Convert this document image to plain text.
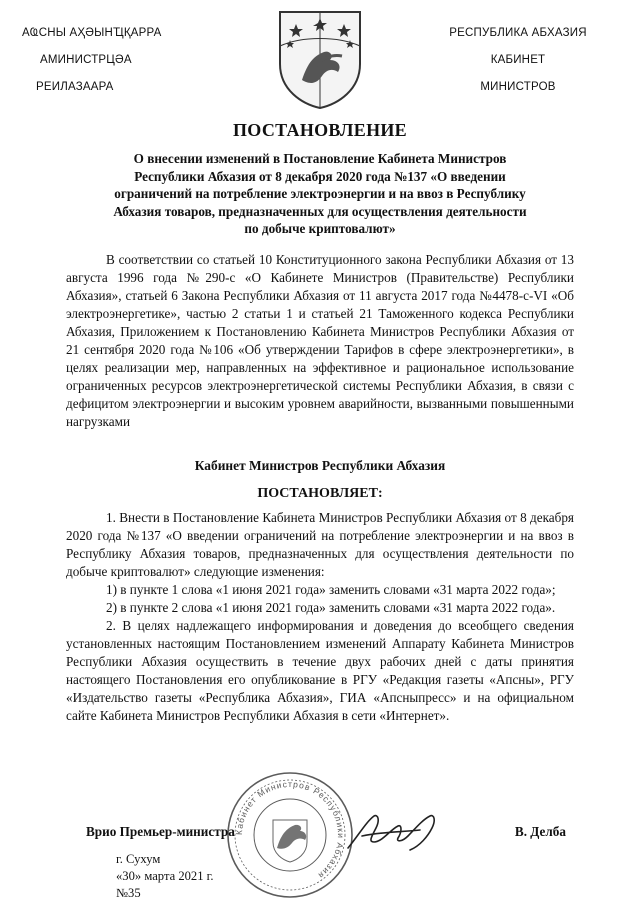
АҨСНЫ АҲӘЫНҴҚАРРА
АМИНИСТРЦӘА
РЕИЛАЗААРА
РЕСПУБЛИКА АБХАЗИЯ
КАБИНЕТ
МИНИСТРОВ
ПОСТАНОВЛЕНИЕ
О внесении изменений в Постановление Кабинета Министров
Республики Абхазия от 8 декабря 2020 года №137 «О введении
ограничений на потребление электроэнергии и на ввоз в Республику
Абхазия товаров, предназначенных для осуществления деятельности
по добыче криптовалют»

В соответствии со статьей 10 Конституционного закона Республики Абхазия от 13 августа 1996 года №290-с «О Кабинете Министров (Правительстве) Республики Абхазия», статьей 6 Закона Республики Абхазия от 11 августа 2017 года №4478-с-VI «Об электроэнергетике», частью 2 статьи 1 и статьей 21 Таможенного кодекса Республики Абхазия, Приложением к Постановлению Кабинета Министров Республики Абхазия от 21 сентября 2020 года №106 «Об утверждении Тарифов в сфере электроэнергетики», в целях реализации мер, направленных на эффективное и рациональное использование ограниченных ресурсов электроэнергетической системы Республики Абхазия, в связи с дефицитом электроэнергии и высоким уровнем аварийности, вызванными повышенными нагрузками

Кабинет Министров Республики Абхазия
ПОСТАНОВЛЯЕТ:

1. Внести в Постановление Кабинета Министров Республики Абхазия от 8 декабря 2020 года №137 «О введении ограничений на потребление электроэнергии и на ввоз в Республику Абхазия товаров, предназначенных для осуществления деятельности по добыче криптовалют» следующие изменения:

1) в пункте 1 слова «1 июня 2021 года» заменить словами «31 марта 2022 года»;

2) в пункте 2 слова «1 июня 2021 года» заменить словами «31 марта 2022 года».

2. В целях надлежащего информирования и доведения до всеобщего сведения установленных настоящим Постановлением изменений Аппарату Кабинета Министров Республики Абхазия осуществить в течение двух рабочих дней с даты принятия настоящего Постановления его опубликование в РГУ «Редакция газеты «Апсны», РГУ «Издательство газеты «Республика Абхазия», ГИА «Апсныпресс» и на официальном сайте Кабинета Министров Республики Абхазия в сети «Интернет».

Кабинет Министров Республики Абхазия
Врио Премьер-министра	В. Делба
г. Сухум
«30» марта 2021 г.
№35
